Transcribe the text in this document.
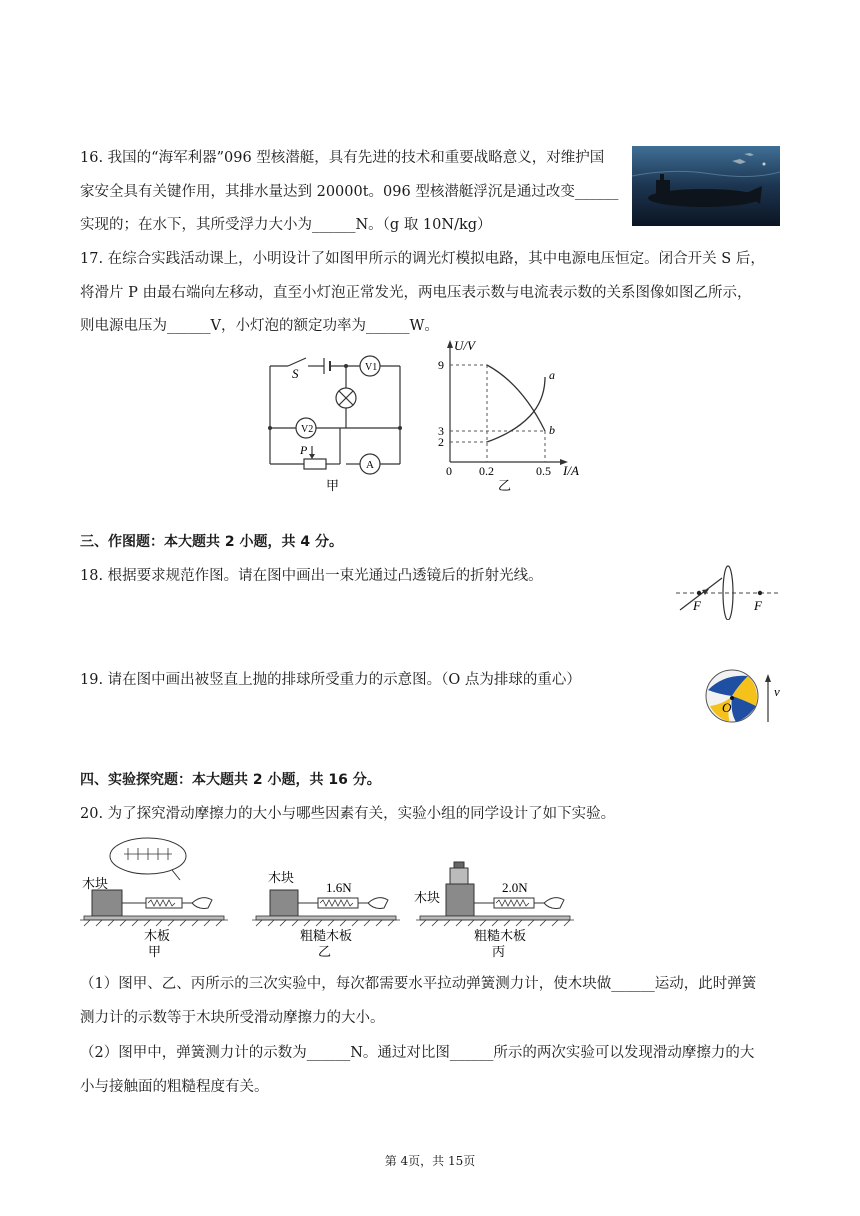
16. 我国的“海军利器”096 型核潜艇，具有先进的技术和重要战略意义，对维护国
家安全具有关键作用，其排水量达到 20000t。096 型核潜艇浮沉是通过改变______
实现的；在水下，其所受浮力大小为______N。（g 取 10N/kg）
17. 在综合实践活动课上，小明设计了如图甲所示的调光灯模拟电路，其中电源电压恒定。闭合开关 S 后，
将滑片 P 由最右端向左移动，直至小灯泡正常发光，两电压表示数与电流表示数的关系图像如图乙所示，
则电源电压为______V，小灯泡的额定功率为______W。
S	V1
V2
A
P
甲
U/V
I/A
9
3
2
0 0.2	0.5
a
b
乙
三、作图题：本大题共 2 小题，共 4 分。
18. 根据要求规范作图。请在图中画出一束光通过凸透镜后的折射光线。
F	F
19. 请在图中画出被竖直上抛的排球所受重力的示意图。（O 点为排球的重心）
O
v
四、实验探究题：本大题共 2 小题，共 16 分。
20. 为了探究滑动摩擦力的大小与哪些因素有关，实验小组的同学设计了如下实验。
木块
木板
甲
木块
1.6N
粗糙木板
乙
木块
2.0N
粗糙木板
丙
（1）图甲、乙、丙所示的三次实验中，每次都需要水平拉动弹簧测力计，使木块做______运动，此时弹簧
测力计的示数等于木块所受滑动摩擦力的大小。
（2）图甲中，弹簧测力计的示数为______N。通过对比图______所示的两次实验可以发现滑动摩擦力的大
小与接触面的粗糙程度有关。
第 4页，共 15页
